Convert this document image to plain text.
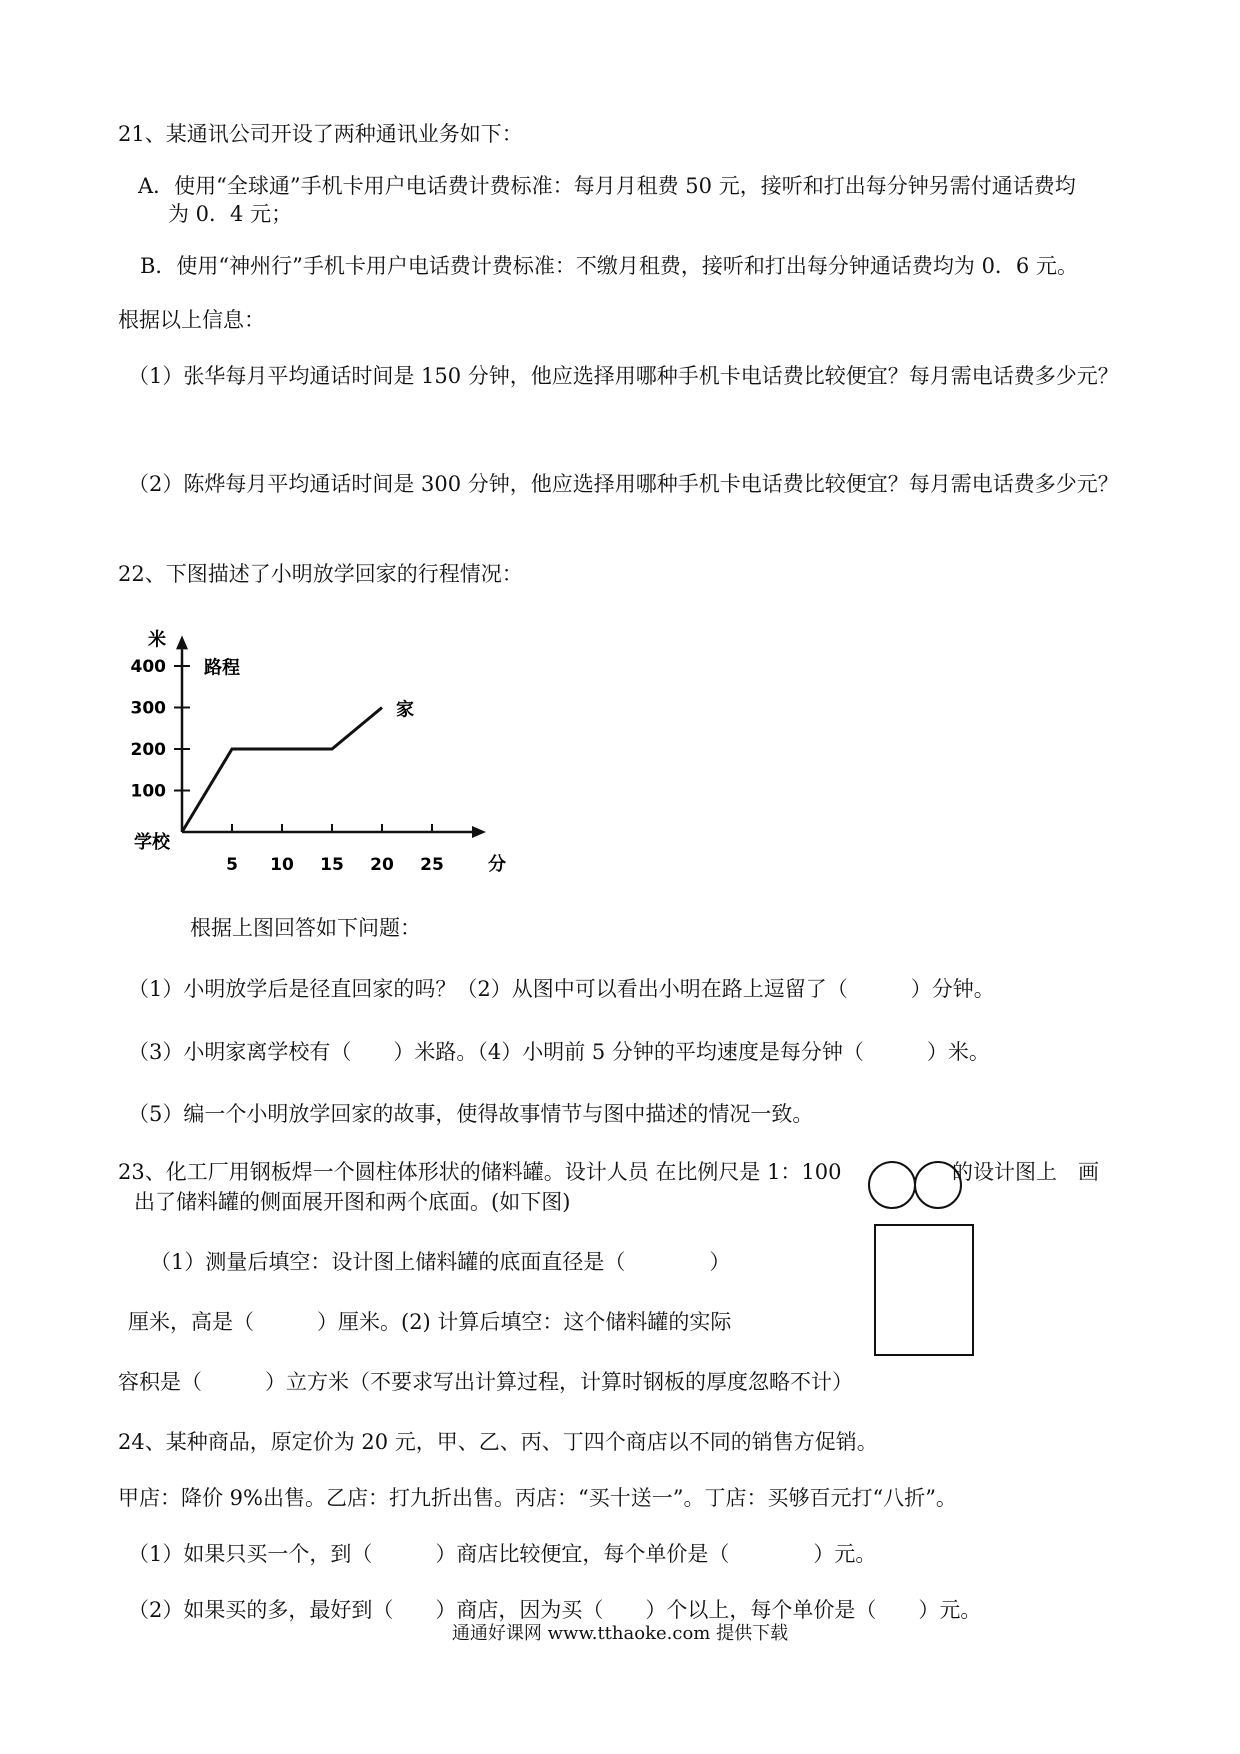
21、某通讯公司开设了两种通讯业务如下：
A．使用“全球通”手机卡用户电话费计费标准：每月月租费 50 元，接听和打出每分钟另需付通话费均
为 0．4 元；
B．使用“神州行”手机卡用户电话费计费标准：不缴月租费，接听和打出每分钟通话费均为 0．6 元。
根据以上信息：
（1）张华每月平均通话时间是 150 分钟，他应选择用哪种手机卡电话费比较便宜？每月需电话费多少元？
（2）陈烨每月平均通话时间是 300 分钟，他应选择用哪种手机卡电话费比较便宜？每月需电话费多少元？
22、下图描述了小明放学回家的行程情况：
5 10 15 20 25
100
200
300
400
米
路程
分
学校
家
根据上图回答如下问题：
（1）小明放学后是径直回家的吗？（2）从图中可以看出小明在路上逗留了（　　　）分钟。
（3）小明家离学校有（　　）米路。（4）小明前 5 分钟的平均速度是每分钟（　　　）米。
（5）编一个小明放学回家的故事，使得故事情节与图中描述的情况一致。
23、化工厂用钢板焊一个圆柱体形状的储料罐。设计人员 在比例尺是 1：100	的设计图上　画
出了储料罐的侧面展开图和两个底面。(如下图)
（1）测量后填空：设计图上储料罐的底面直径是（　　　　）
厘米，高是（　　　）厘米。(2) 计算后填空：这个储料罐的实际
容积是（　　　）立方米（不要求写出计算过程，计算时钢板的厚度忽略不计）
24、某种商品，原定价为 20 元，甲、乙、丙、丁四个商店以不同的销售方促销。
甲店：降价 9%出售。乙店：打九折出售。丙店：“买十送一”。丁店：买够百元打“八折”。
（1）如果只买一个，到（　　　）商店比较便宜，每个单价是（　　　　）元。
（2）如果买的多，最好到（　　）商店，因为买（　　）个以上，每个单价是（　　）元。
通通好课网 www.tthaoke.com 提供下载
